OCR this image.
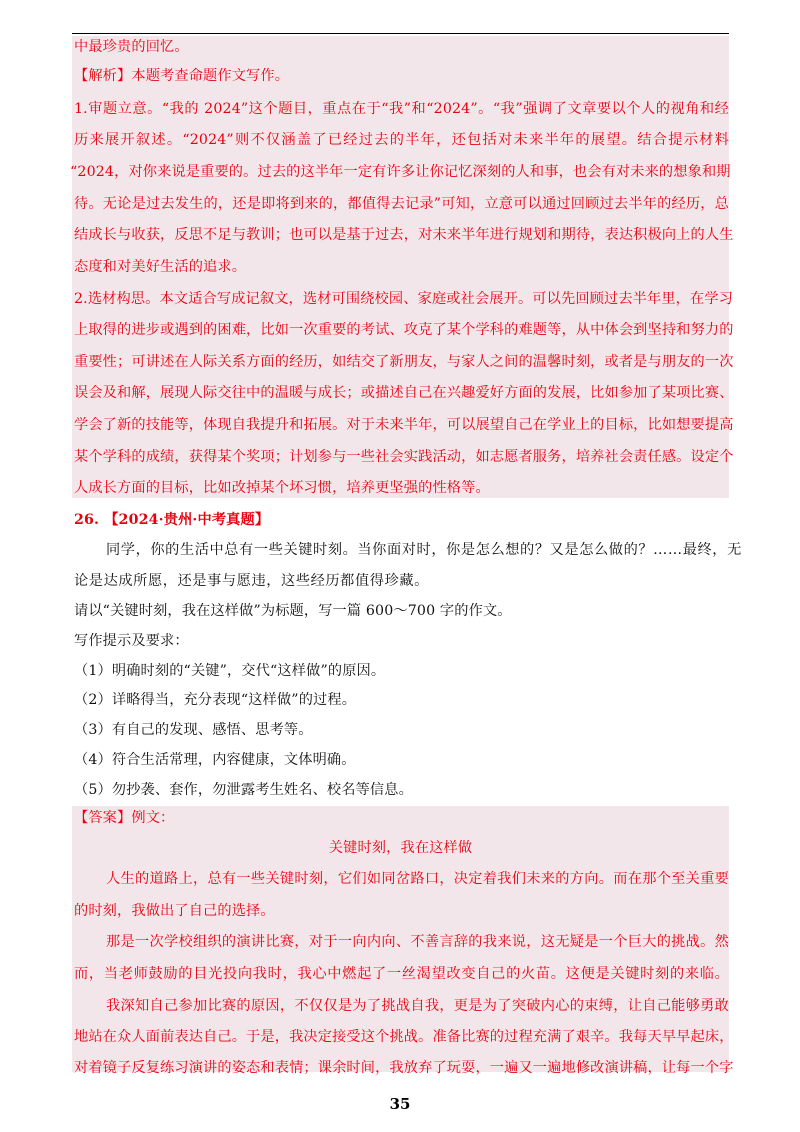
中最珍贵的回忆。
【解析】本题考查命题作文写作。
1.审题立意。“我的 2024”这个题目，重点在于“我”和“2024”。“我”强调了文章要以个人的视角和经
历来展开叙述。“2024”则不仅涵盖了已经过去的半年，还包括对未来半年的展望。结合提示材料
“2024，对你来说是重要的。过去的这半年一定有许多让你记忆深刻的人和事，也会有对未来的想象和期
待。无论是过去发生的，还是即将到来的，都值得去记录”可知，立意可以通过回顾过去半年的经历，总
结成长与收获，反思不足与教训；也可以是基于过去，对未来半年进行规划和期待，表达积极向上的人生
态度和对美好生活的追求。
2.选材构思。本文适合写成记叙文，选材可围绕校园、家庭或社会展开。可以先回顾过去半年里，在学习
上取得的进步或遇到的困难，比如一次重要的考试、攻克了某个学科的难题等，从中体会到坚持和努力的
重要性；可讲述在人际关系方面的经历，如结交了新朋友，与家人之间的温馨时刻，或者是与朋友的一次
误会及和解，展现人际交往中的温暖与成长；或描述自己在兴趣爱好方面的发展，比如参加了某项比赛、
学会了新的技能等，体现自我提升和拓展。对于未来半年，可以展望自己在学业上的目标，比如想要提高
某个学科的成绩，获得某个奖项；计划参与一些社会实践活动，如志愿者服务，培养社会责任感。设定个
人成长方面的目标，比如改掉某个坏习惯，培养更坚强的性格等。
26. 【2024·贵州·中考真题】
同学，你的生活中总有一些关键时刻。当你面对时，你是怎么想的？又是怎么做的？……最终，无
论是达成所愿，还是事与愿违，这些经历都值得珍藏。
请以“关键时刻，我在这样做”为标题，写一篇 600～700 字的作文。
写作提示及要求：
（1）明确时刻的“关键”，交代“这样做”的原因。
（2）详略得当，充分表现“这样做”的过程。
（3）有自己的发现、感悟、思考等。
（4）符合生活常理，内容健康，文体明确。
（5）勿抄袭、套作，勿泄露考生姓名、校名等信息。
【答案】例文：
关键时刻，我在这样做
人生的道路上，总有一些关键时刻，它们如同岔路口，决定着我们未来的方向。而在那个至关重要
的时刻，我做出了自己的选择。
那是一次学校组织的演讲比赛，对于一向内向、不善言辞的我来说，这无疑是一个巨大的挑战。然
而，当老师鼓励的目光投向我时，我心中燃起了一丝渴望改变自己的火苗。这便是关键时刻的来临。
我深知自己参加比赛的原因，不仅仅是为了挑战自我，更是为了突破内心的束缚，让自己能够勇敢
地站在众人面前表达自己。于是，我决定接受这个挑战。准备比赛的过程充满了艰辛。我每天早早起床，
对着镜子反复练习演讲的姿态和表情；课余时间，我放弃了玩耍，一遍又一遍地修改演讲稿，让每一个字
35
